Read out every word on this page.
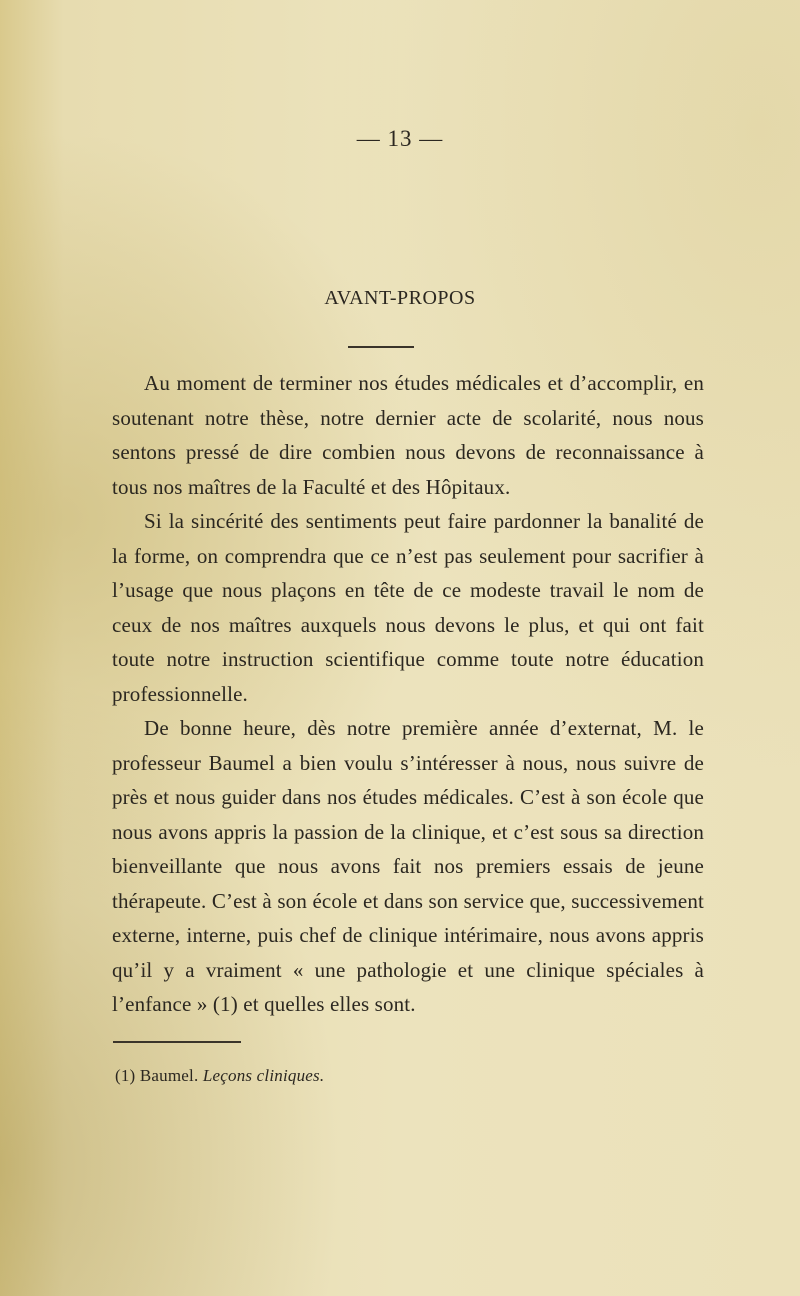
— 13 —
AVANT-PROPOS

Au moment de terminer nos études médicales et d’accomplir, en soutenant notre thèse, notre dernier acte de scolarité, nous nous sentons pressé de dire combien nous devons de reconnaissance à tous nos maîtres de la Faculté et des Hôpitaux.

Si la sincérité des sentiments peut faire pardonner la banalité de la forme, on comprendra que ce n’est pas seulement pour sacrifier à l’usage que nous plaçons en tête de ce modeste travail le nom de ceux de nos maîtres auxquels nous devons le plus, et qui ont fait toute notre instruction scientifique comme toute notre éducation professionnelle.

De bonne heure, dès notre première année d’externat, M. le professeur Baumel a bien voulu s’intéresser à nous, nous suivre de près et nous guider dans nos études médicales. C’est à son école que nous avons appris la passion de la clinique, et c’est sous sa direction bienveillante que nous avons fait nos premiers essais de jeune thérapeute. C’est à son école et dans son service que, successivement externe, interne, puis chef de clinique intérimaire, nous avons appris qu’il y a vraiment « une pathologie et une clinique spéciales à l’enfance » (1) et quelles elles sont.

(1) Baumel. Leçons cliniques.
